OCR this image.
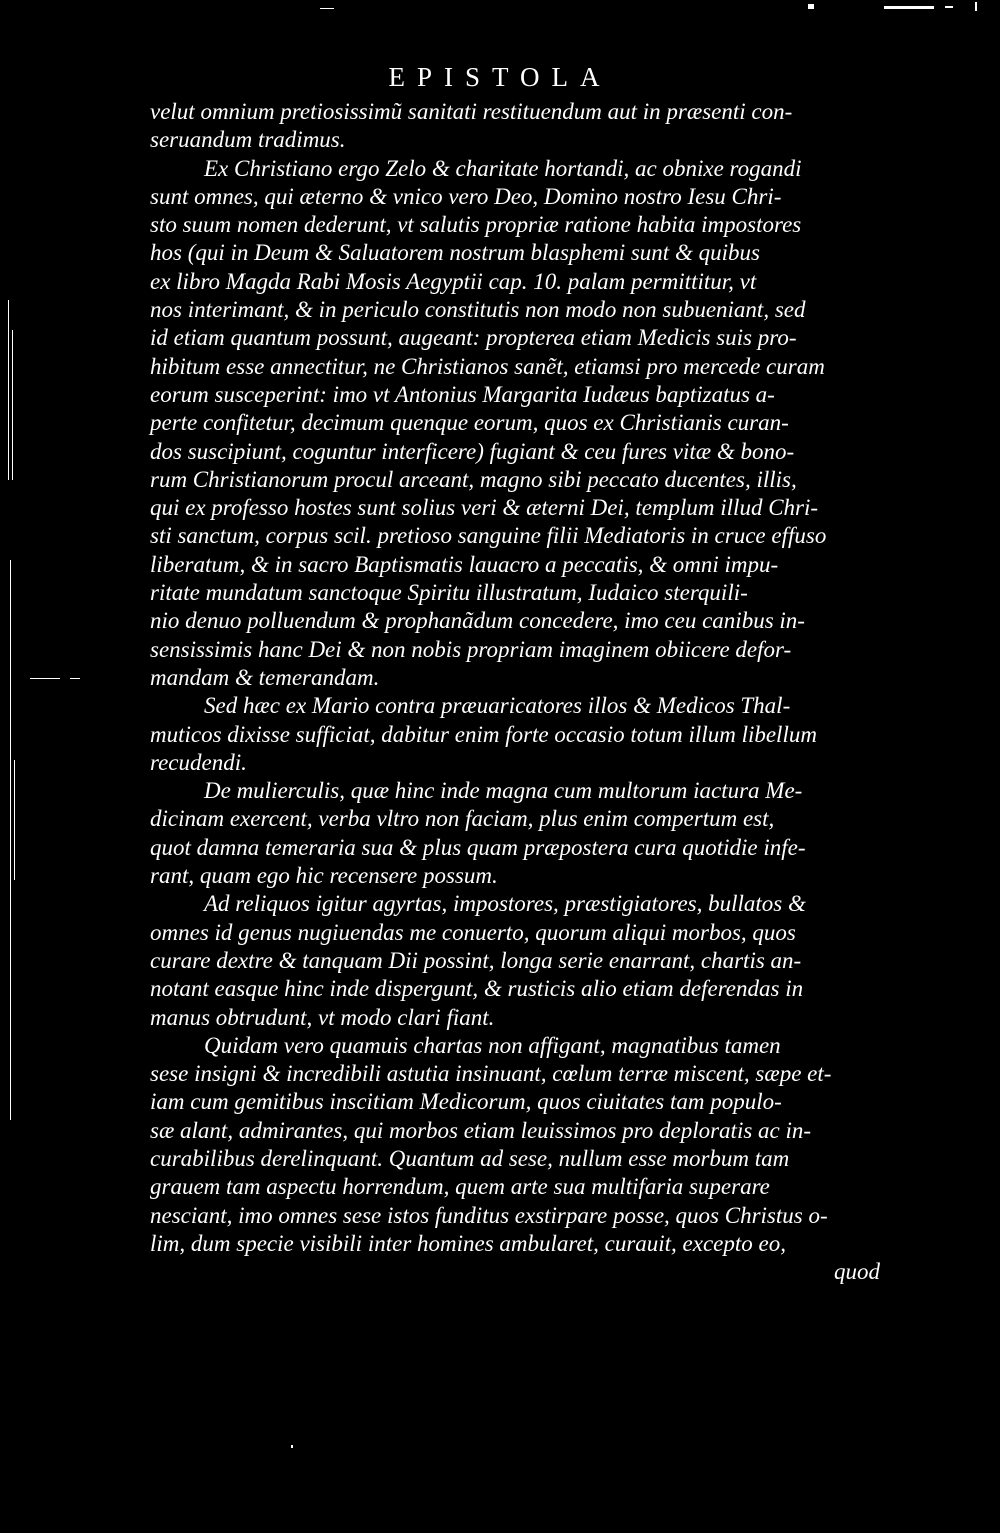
EPISTOLA
velut omnium pretiosissimũ sanitati restituendum aut in præsenti con-
seruandum tradimus.
Ex Christiano ergo Zelo & charitate hortandi, ac obnixe rogandi
sunt omnes, qui æterno & vnico vero Deo, Domino nostro Iesu Chri-
sto suum nomen dederunt, vt salutis propriæ ratione habita impostores
hos (qui in Deum & Saluatorem nostrum blasphemi sunt & quibus
ex libro Magda Rabi Mosis Aegyptii cap. 10. palam permittitur, vt
nos interimant, & in periculo constitutis non modo non subueniant, sed
id etiam quantum possunt, augeant: propterea etiam Medicis suis pro-
hibitum esse annectitur, ne Christianos sanẽt, etiamsi pro mercede curam
eorum susceperint: imo vt Antonius Margarita Iudæus baptizatus a-
perte confitetur, decimum quenque eorum, quos ex Christianis curan-
dos suscipiunt, coguntur interficere) fugiant & ceu fures vitæ & bono-
rum Christianorum procul arceant, magno sibi peccato ducentes, illis,
qui ex professo hostes sunt solius veri & æterni Dei, templum illud Chri-
sti sanctum, corpus scil. pretioso sanguine filii Mediatoris in cruce effuso
liberatum, & in sacro Baptismatis lauacro a peccatis, & omni impu-
ritate mundatum sanctoque Spiritu illustratum, Iudaico sterquili-
nio denuo polluendum & prophanãdum concedere, imo ceu canibus in-
sensissimis hanc Dei & non nobis propriam imaginem obiicere defor-
mandam & temerandam.
Sed hæc ex Mario contra præuaricatores illos & Medicos Thal-
muticos dixisse sufficiat, dabitur enim forte occasio totum illum libellum
recudendi.
De mulierculis, quæ hinc inde magna cum multorum iactura Me-
dicinam exercent, verba vltro non faciam, plus enim compertum est,
quot damna temeraria sua & plus quam præpostera cura quotidie infe-
rant, quam ego hic recensere possum.
Ad reliquos igitur agyrtas, impostores, præstigiatores, bullatos &
omnes id genus nugiuendas me conuerto, quorum aliqui morbos, quos
curare dextre & tanquam Dii possint, longa serie enarrant, chartis an-
notant easque hinc inde dispergunt, & rusticis alio etiam deferendas in
manus obtrudunt, vt modo clari fiant.
Quidam vero quamuis chartas non affigant, magnatibus tamen
sese insigni & incredibili astutia insinuant, cœlum terræ miscent, sæpe et-
iam cum gemitibus inscitiam Medicorum, quos ciuitates tam populo-
sæ alant, admirantes, qui morbos etiam leuissimos pro deploratis ac in-
curabilibus derelinquant. Quantum ad sese, nullum esse morbum tam
grauem tam aspectu horrendum, quem arte sua multifaria superare
nesciant, imo omnes sese istos funditus exstirpare posse, quos Christus o-
lim, dum specie visibili inter homines ambularet, curauit, excepto eo,
quod
